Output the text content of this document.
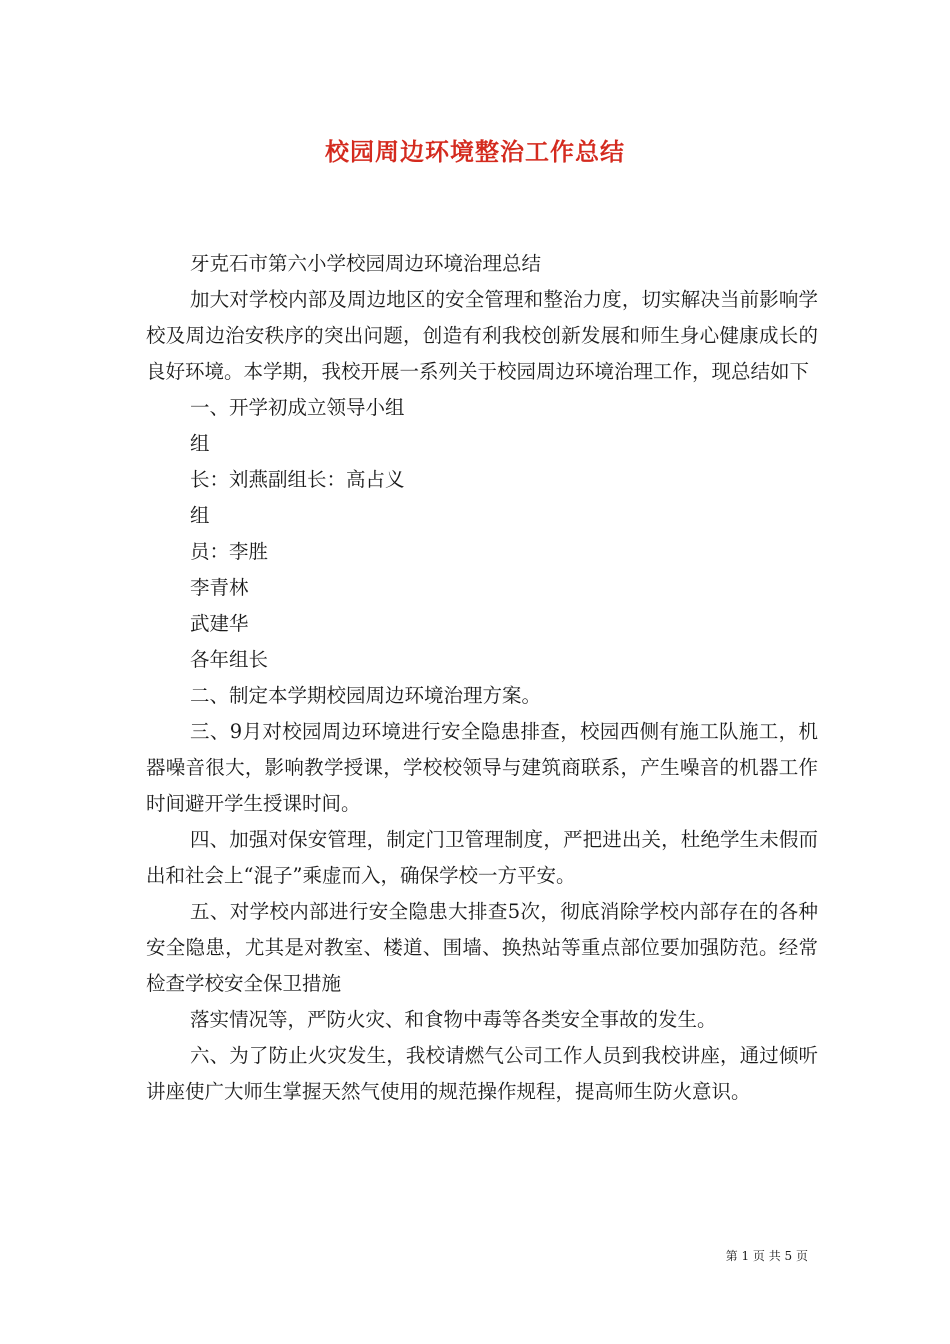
校园周边环境整治工作总结

牙克石市第六小学校园周边环境治理总结

加大对学校内部及周边地区的安全管理和整治力度，切实解决当前影响学校及周边治安秩序的突出问题，创造有利我校创新发展和师生身心健康成长的良好环境。本学期，我校开展一系列关于校园周边环境治理工作，现总结如下

一、开学初成立领导小组

组

长：刘燕副组长：高占义

组

员：李胜

李青林

武建华

各年组长

二、制定本学期校园周边环境治理方案。

三、9月对校园周边环境进行安全隐患排查，校园西侧有施工队施工，机器噪音很大，影响教学授课，学校校领导与建筑商联系，产生噪音的机器工作时间避开学生授课时间。

四、加强对保安管理，制定门卫管理制度，严把进出关，杜绝学生未假而出和社会上“混子”乘虚而入，确保学校一方平安。

五、对学校内部进行安全隐患大排查5次，彻底消除学校内部存在的各种安全隐患，尤其是对教室、楼道、围墙、换热站等重点部位要加强防范。经常检查学校安全保卫措施

落实情况等，严防火灾、和食物中毒等各类安全事故的发生。

六、为了防止火灾发生，我校请燃气公司工作人员到我校讲座，通过倾听讲座使广大师生掌握天然气使用的规范操作规程，提高师生防火意识。

第 1 页 共 5 页
